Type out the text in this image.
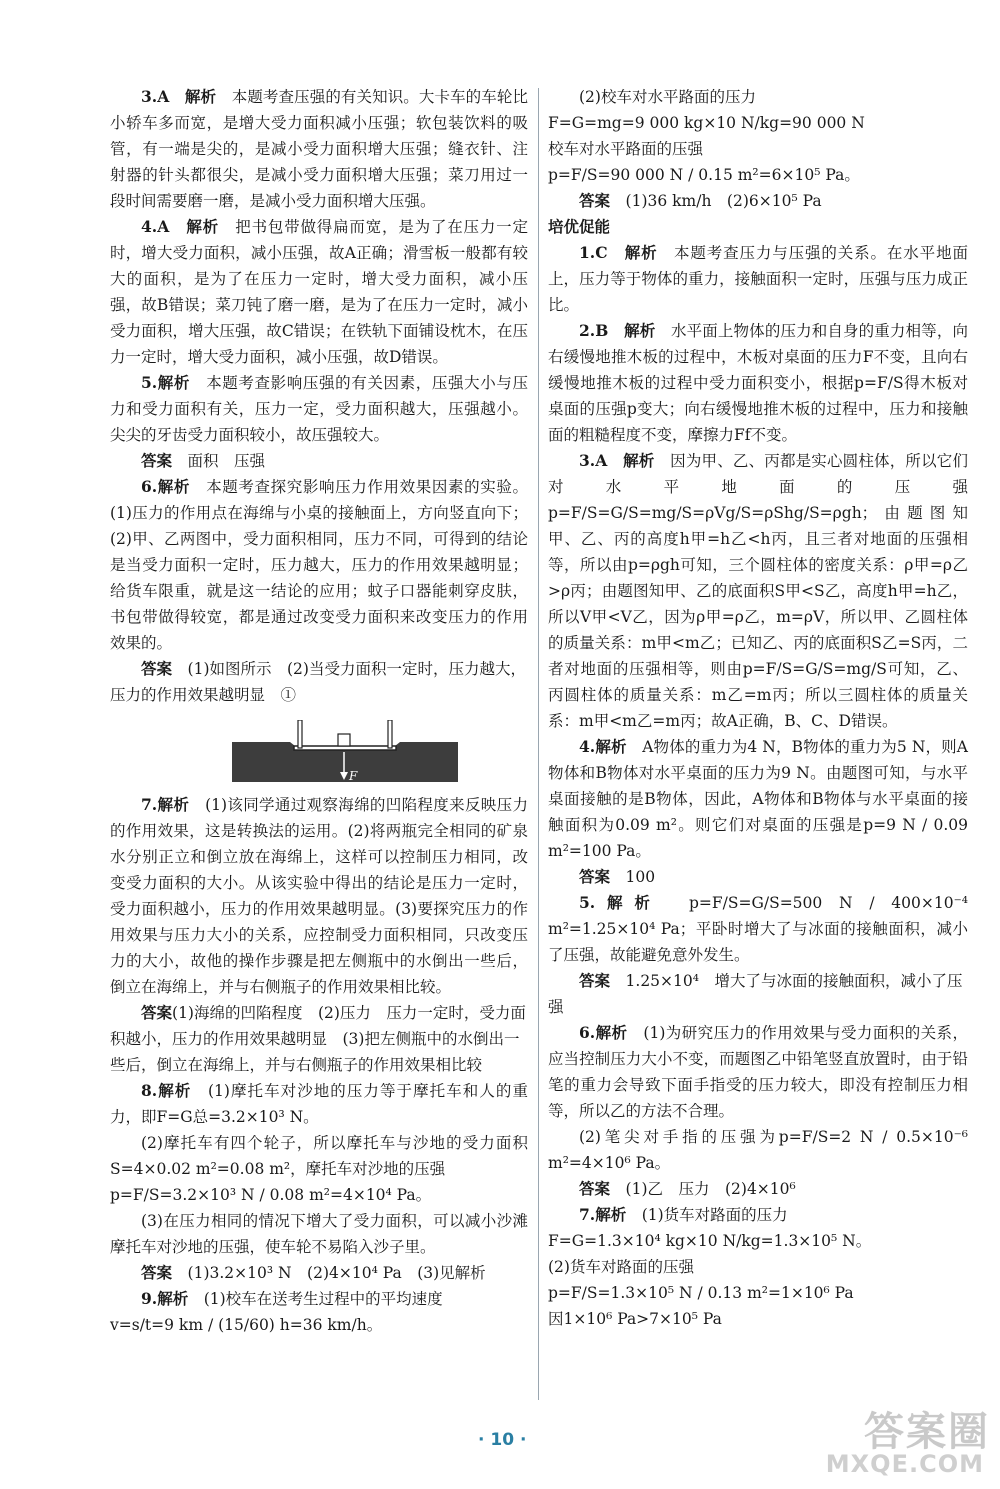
3.A　 解析　 本题考查压强的有关知识。大卡车的车轮比小轿车多而宽，是增大受力面积减小压强；软包装饮料的吸管，有一端是尖的，是减小受力面积增大压强；缝衣针、注射器的针头都很尖，是减小受力面积增大压强；菜刀用过一段时间需要磨一磨，是减小受力面积增大压强。

4.A　 解析　 把书包带做得扁而宽，是为了在压力一定时，增大受力面积，减小压强，故A正确；滑雪板一般都有较大的面积，是为了在压力一定时，增大受力面积，减小压强，故B错误；菜刀钝了磨一磨，是为了在压力一定时，减小受力面积，增大压强，故C错误；在铁轨下面铺设枕木，在压力一定时，增大受力面积，减小压强，故D错误。

5.解析　 本题考查影响压强的有关因素，压强大小与压力和受力面积有关，压力一定，受力面积越大，压强越小。尖尖的牙齿受力面积较小，故压强较大。

答案　 面积　压强

6.解析　 本题考查探究影响压力作用效果因素的实验。(1)压力的作用点在海绵与小桌的接触面上，方向竖直向下；(2)甲、乙两图中，受力面积相同，压力不同，可得到的结论是当受力面积一定时，压力越大，压力的作用效果越明显；给货车限重，就是这一结论的应用；蚊子口器能刺穿皮肤，书包带做得较宽，都是通过改变受力面积来改变压力的作用效果的。

答案　 (1)如图所示　(2)当受力面积一定时，压力越大，压力的作用效果越明显　①

F

7.解析　 (1)该同学通过观察海绵的凹陷程度来反映压力的作用效果，这是转换法的运用。(2)将两瓶完全相同的矿泉水分别正立和倒立放在海绵上，这样可以控制压力相同，改变受力面积的大小。从该实验中得出的结论是压力一定时，受力面积越小，压力的作用效果越明显。(3)要探究压力的作用效果与压力大小的关系，应控制受力面积相同，只改变压力的大小，故他的操作步骤是把左侧瓶中的水倒出一些后，倒立在海绵上，并与右侧瓶子的作用效果相比较。

答案(1)海绵的凹陷程度　(2)压力　压力一定时，受力面积越小，压力的作用效果越明显　(3)把左侧瓶中的水倒出一些后，倒立在海绵上，并与右侧瓶子的作用效果相比较

8.解析　 (1)摩托车对沙地的压力等于摩托车和人的重力，即F=G总=3.2×10³ N。

(2)摩托车有四个轮子，所以摩托车与沙地的受力面积S=4×0.02 m²=0.08 m²，摩托车对沙地的压强

p=F/S=3.2×10³ N / 0.08 m²=4×10⁴ Pa。

(3)在压力相同的情况下增大了受力面积，可以减小沙滩摩托车对沙地的压强，使车轮不易陷入沙子里。

答案　 (1)3.2×10³ N　(2)4×10⁴ Pa　(3)见解析

9.解析　 (1)校车在送考生过程中的平均速度

v=s/t=9 km / (15/60) h=36 km/h。

(2)校车对水平路面的压力

F=G=mg=9 000 kg×10 N/kg=90 000 N

校车对水平路面的压强

p=F/S=90 000 N / 0.15 m²=6×10⁵ Pa。

答案　 (1)36 km/h　(2)6×10⁵ Pa

培优促能

1.C　 解析　 本题考查压力与压强的关系。在水平地面上，压力等于物体的重力，接触面积一定时，压强与压力成正比。

2.B　 解析　 水平面上物体的压力和自身的重力相等，向右缓慢地推木板的过程中，木板对桌面的压力F不变，且向右缓慢地推木板的过程中受力面积变小，根据p=F/S得木板对桌面的压强p变大；向右缓慢地推木板的过程中，压力和接触面的粗糙程度不变，摩擦力Ff不变。

3.A　 解析　 因为甲、乙、丙都是实心圆柱体，所以它们对水平地面的压强p=F/S=G/S=mg/S=ρVg/S=ρShg/S=ρgh；由题图知甲、乙、丙的高度h甲=h乙<h丙，且三者对地面的压强相等，所以由p=ρgh可知，三个圆柱体的密度关系：ρ甲=ρ乙>ρ丙；由题图知甲、乙的底面积S甲<S乙，高度h甲=h乙，所以V甲<V乙，因为ρ甲=ρ乙，m=ρV，所以甲、乙圆柱体的质量关系：m甲<m乙；已知乙、丙的底面积S乙=S丙，二者对地面的压强相等，则由p=F/S=G/S=mg/S可知，乙、丙圆柱体的质量关系：m乙=m丙；所以三圆柱体的质量关系：m甲<m乙=m丙；故A正确，B、C、D错误。

4.解析　 A物体的重力为4 N，B物体的重力为5 N，则A物体和B物体对水平桌面的压力为9 N。由题图可知，与水平桌面接触的是B物体，因此，A物体和B物体与水平桌面的接触面积为0.09 m²。则它们对桌面的压强是p=9 N / 0.09 m²=100 Pa。

答案　 100

5.解析　 p=F/S=G/S=500 N / 400×10⁻⁴ m²=1.25×10⁴ Pa；平卧时增大了与冰面的接触面积，减小了压强，故能避免意外发生。

答案　 1.25×10⁴　增大了与冰面的接触面积，减小了压强

6.解析　 (1)为研究压力的作用效果与受力面积的关系，应当控制压力大小不变，而题图乙中铅笔竖直放置时，由于铅笔的重力会导致下面手指受的压力较大，即没有控制压力相等，所以乙的方法不合理。

(2)笔尖对手指的压强为p=F/S=2 N / 0.5×10⁻⁶ m²=4×10⁶ Pa。

答案　 (1)乙　压力　(2)4×10⁶

7.解析　 (1)货车对路面的压力

F=G=1.3×10⁴ kg×10 N/kg=1.3×10⁵ N。

(2)货车对路面的压强

p=F/S=1.3×10⁵ N / 0.13 m²=1×10⁶ Pa

因1×10⁶ Pa>7×10⁵ Pa

· 10 ·	答案圈
MXQE.COM
